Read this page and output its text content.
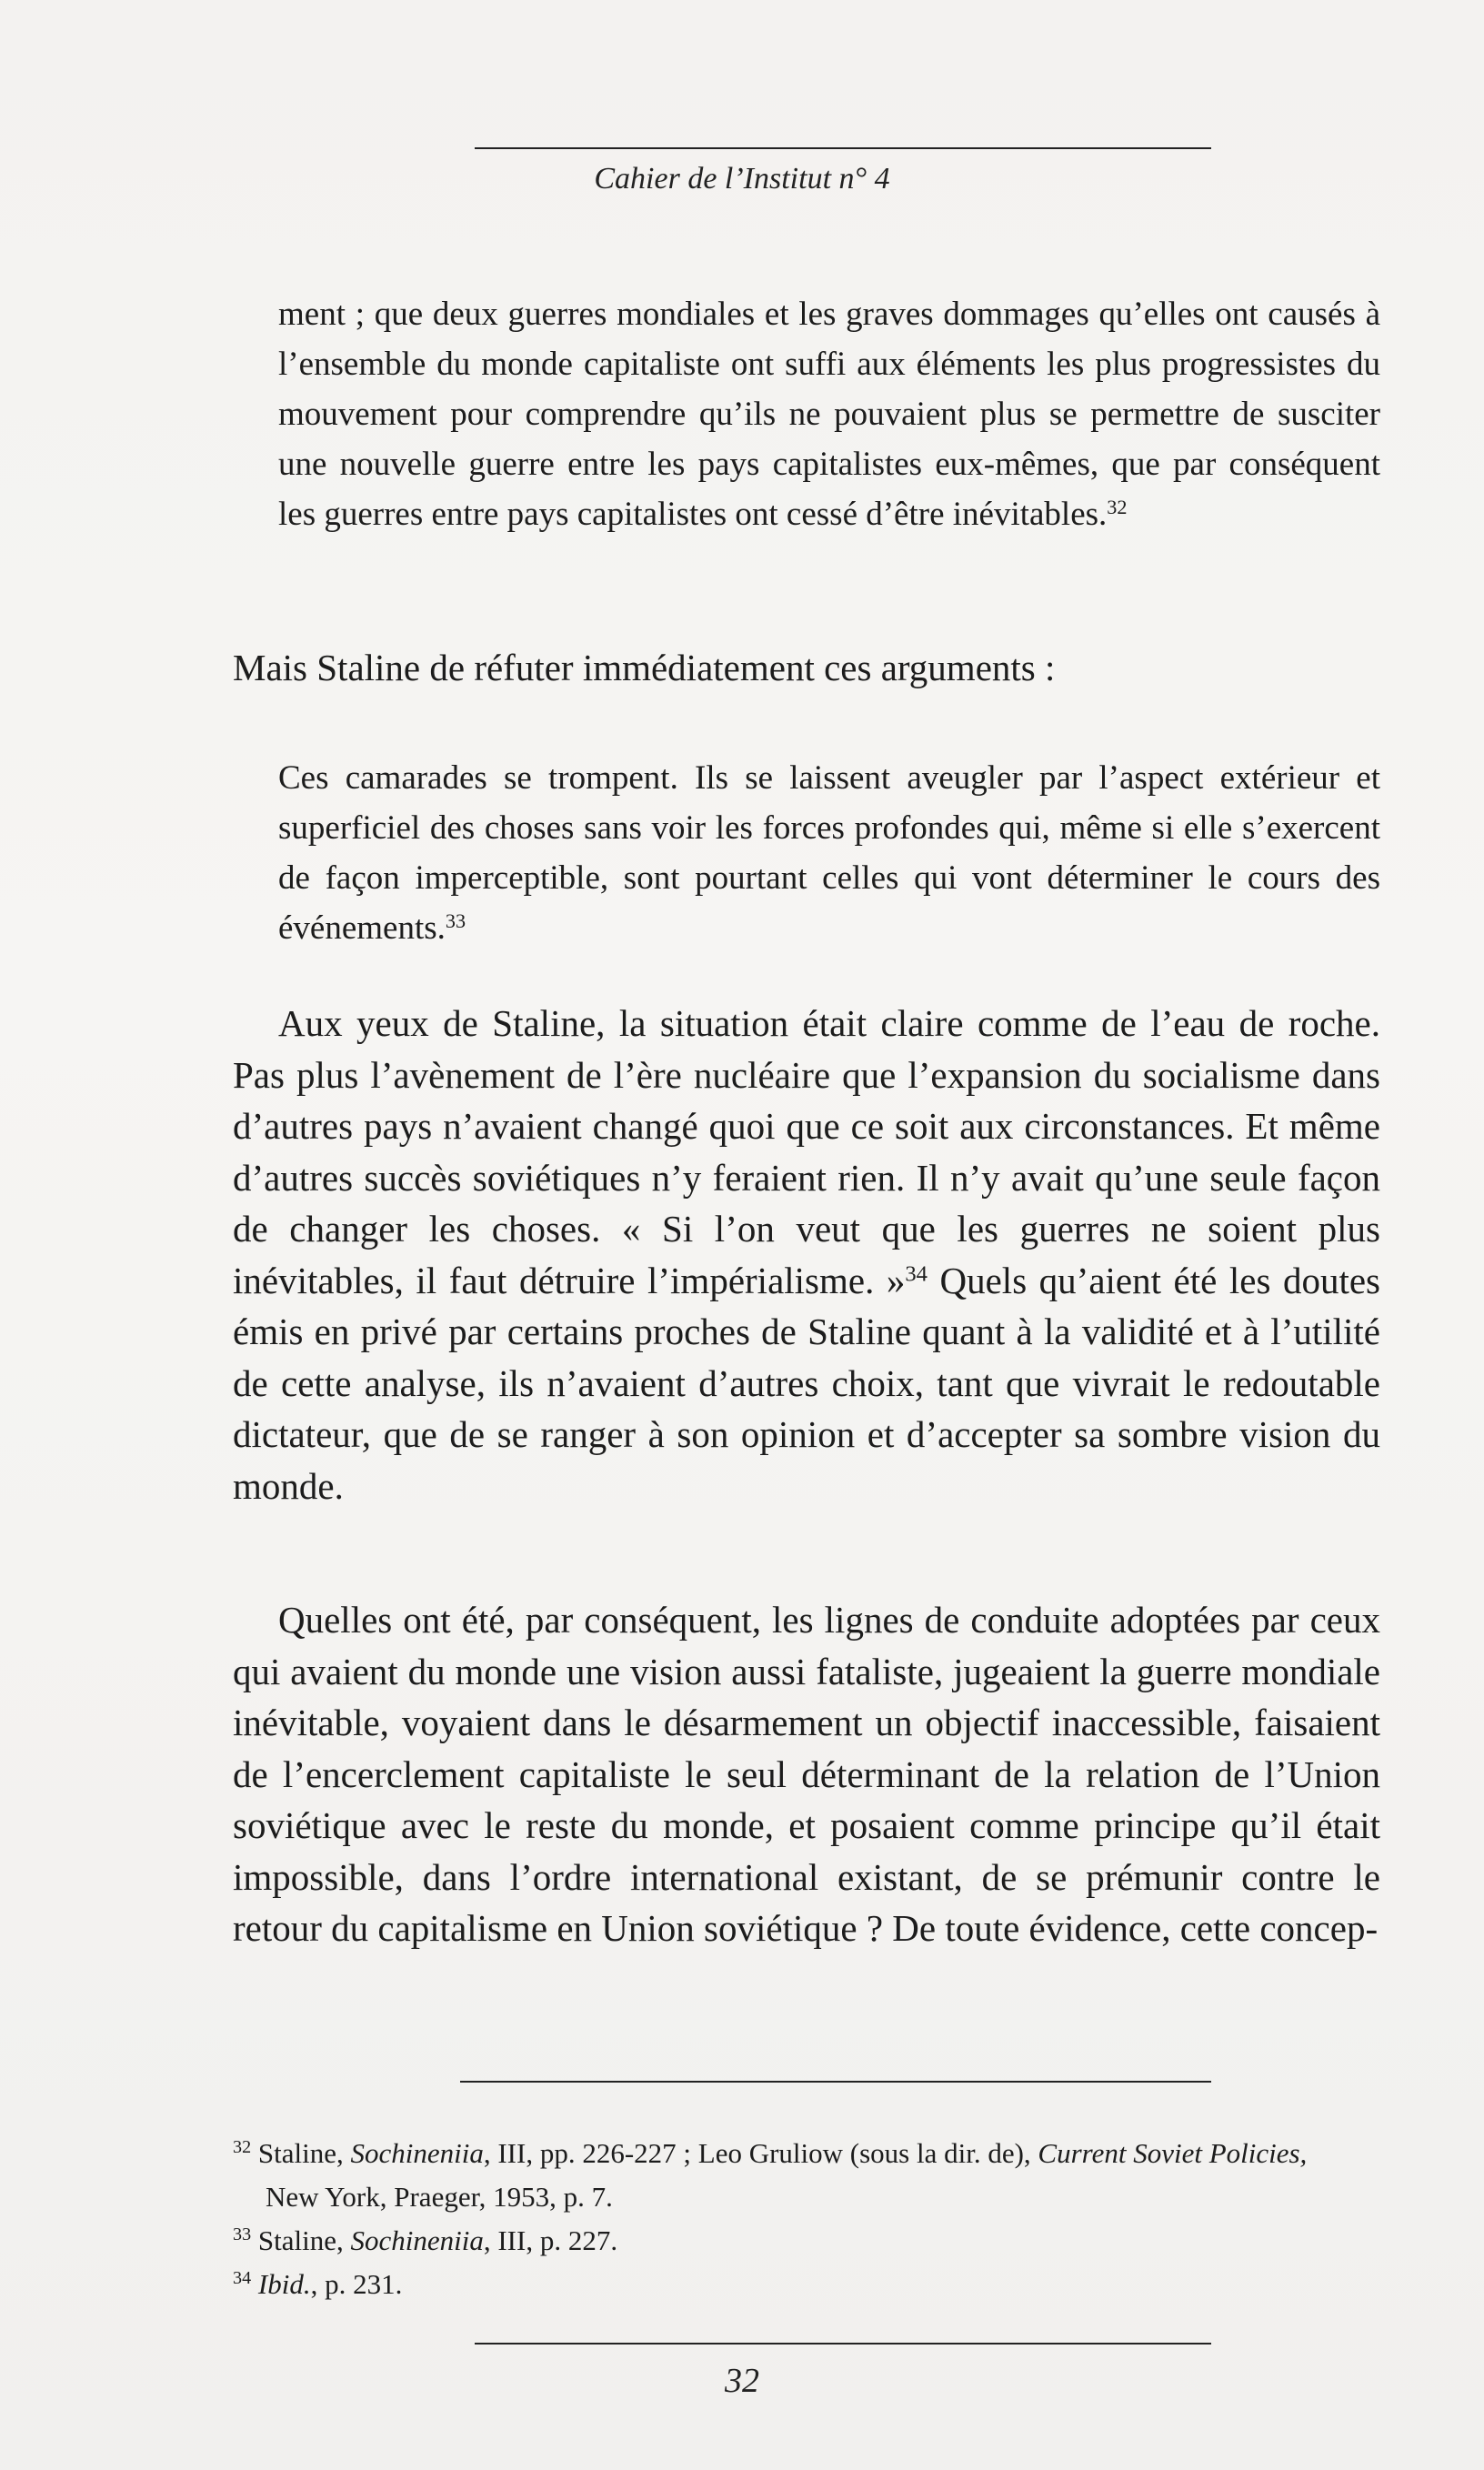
Cahier de l’Institut n° 4
ment ; que deux guerres mondiales et les graves dommages qu’elles ont causés à l’ensemble du monde capitaliste ont suffi aux éléments les plus progressistes du mouvement pour comprendre qu’ils ne pouvaient plus se permettre de susciter une nouvelle guerre entre les pays capitalistes eux-mêmes, que par conséquent les guerres entre pays capitalistes ont cessé d’être inévitables.$^{32}$
Mais Staline de réfuter immédiatement ces arguments :
Ces camarades se trompent. Ils se laissent aveugler par l’aspect extérieur et superficiel des choses sans voir les forces profondes qui, même si elle s’exercent de façon imperceptible, sont pourtant celles qui vont déterminer le cours des événements.$^{33}$
Aux yeux de Staline, la situation était claire comme de l’eau de roche. Pas plus l’avènement de l’ère nucléaire que l’expansion du socialisme dans d’autres pays n’avaient changé quoi que ce soit aux circonstances. Et même d’autres succès soviétiques n’y feraient rien. Il n’y avait qu’une seule façon de changer les choses. « Si l’on veut que les guerres ne soient plus inévitables, il faut détruire l’impérialisme. »$^{34}$ Quels qu’aient été les doutes émis en privé par certains proches de Staline quant à la validité et à l’utilité de cette analyse, ils n’avaient d’autres choix, tant que vivrait le redoutable dictateur, que de se ranger à son opinion et d’accepter sa sombre vision du monde.
Quelles ont été, par conséquent, les lignes de conduite adoptées par ceux qui avaient du monde une vision aussi fataliste, jugeaient la guerre mondiale inévitable, voyaient dans le désarmement un objectif inaccessible, faisaient de l’encerclement capitaliste le seul déterminant de la relation de l’Union soviétique avec le reste du monde, et posaient comme principe qu’il était impossible, dans l’ordre international existant, de se prémunir contre le retour du capitalisme en Union soviétique ? De toute évidence, cette concep-

$^{32}$ Staline, Sochineniia, III, pp. 226-227 ; Leo Gruliow (sous la dir. de), Current Soviet Policies,
New York, Praeger, 1953, p. 7.

$^{33}$ Staline, Sochineniia, III, p. 227.

$^{34}$ Ibid., p. 231.

32
